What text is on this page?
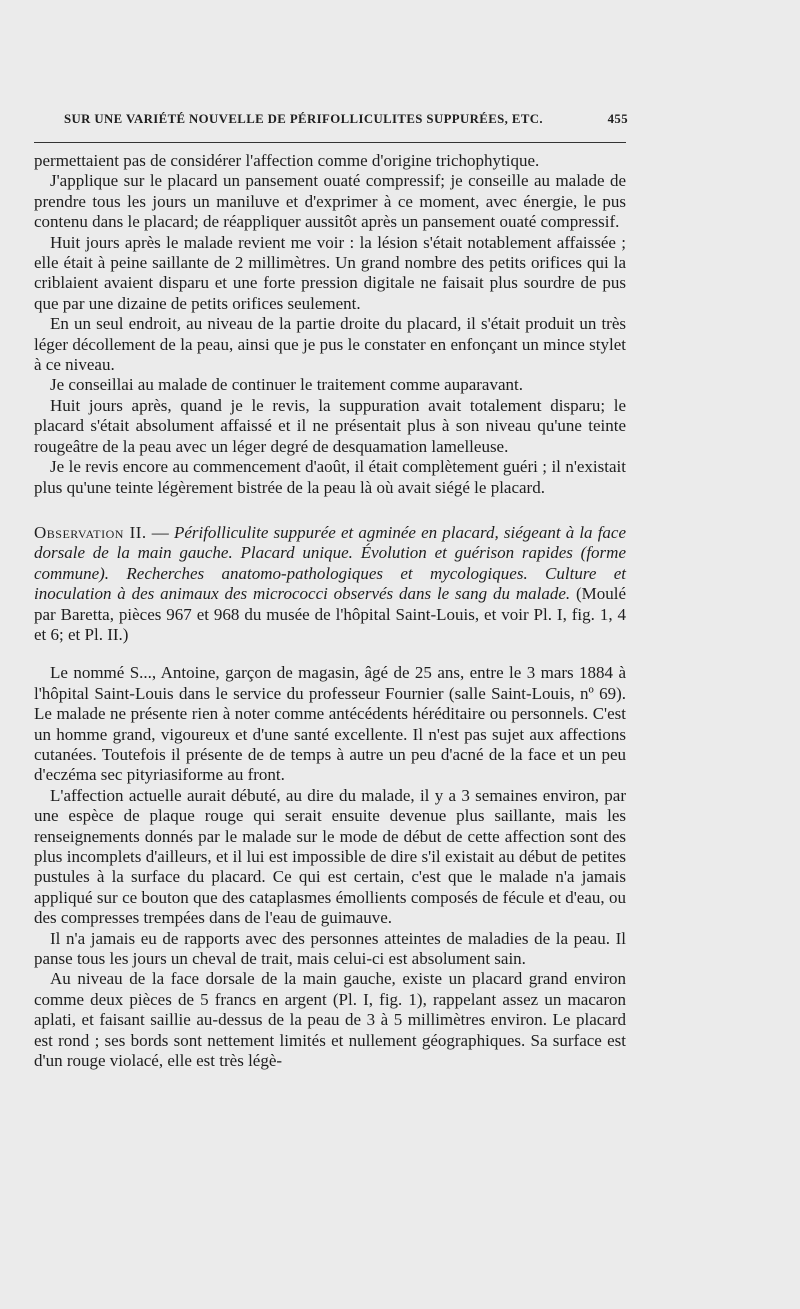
SUR UNE VARIÉTÉ NOUVELLE DE PÉRIFOLLICULITES SUPPURÉES, ETC.	455

permettaient pas de considérer l'affection comme d'origine trichophytique.

J'applique sur le placard un pansement ouaté compressif; je conseille au malade de prendre tous les jours un maniluve et d'exprimer à ce moment, avec énergie, le pus contenu dans le placard; de réappliquer aussitôt après un pansement ouaté compressif.

Huit jours après le malade revient me voir : la lésion s'était notablement affaissée ; elle était à peine saillante de 2 millimètres. Un grand nombre des petits orifices qui la criblaient avaient disparu et une forte pression digitale ne faisait plus sourdre de pus que par une dizaine de petits orifices seulement.

En un seul endroit, au niveau de la partie droite du placard, il s'était produit un très léger décollement de la peau, ainsi que je pus le constater en enfonçant un mince stylet à ce niveau.

Je conseillai au malade de continuer le traitement comme auparavant.

Huit jours après, quand je le revis, la suppuration avait totalement disparu; le placard s'était absolument affaissé et il ne présentait plus à son niveau qu'une teinte rougeâtre de la peau avec un léger degré de desquamation lamelleuse.

Je le revis encore au commencement d'août, il était complètement guéri ; il n'existait plus qu'une teinte légèrement bistrée de la peau là où avait siégé le placard.

Observation II. — Périfolliculite suppurée et agminée en placard, siégeant à la face dorsale de la main gauche. Placard unique. Évolution et guérison rapides (forme commune). Recherches anatomo-pathologiques et mycologiques. Culture et inoculation à des animaux des micrococci observés dans le sang du malade. (Moulé par Baretta, pièces 967 et 968 du musée de l'hôpital Saint-Louis, et voir Pl. I, fig. 1, 4 et 6; et Pl. II.)

Le nommé S..., Antoine, garçon de magasin, âgé de 25 ans, entre le 3 mars 1884 à l'hôpital Saint-Louis dans le service du professeur Fournier (salle Saint-Louis, nº 69). Le malade ne présente rien à noter comme antécédents héréditaire ou personnels. C'est un homme grand, vigoureux et d'une santé excellente. Il n'est pas sujet aux affections cutanées. Toutefois il présente de de temps à autre un peu d'acné de la face et un peu d'eczéma sec pityriasiforme au front.

L'affection actuelle aurait débuté, au dire du malade, il y a 3 semaines environ, par une espèce de plaque rouge qui serait ensuite devenue plus saillante, mais les renseignements donnés par le malade sur le mode de début de cette affection sont des plus incomplets d'ailleurs, et il lui est impossible de dire s'il existait au début de petites pustules à la surface du placard. Ce qui est certain, c'est que le malade n'a jamais appliqué sur ce bouton que des cataplasmes émollients composés de fécule et d'eau, ou des compresses trempées dans de l'eau de guimauve.

Il n'a jamais eu de rapports avec des personnes atteintes de maladies de la peau. Il panse tous les jours un cheval de trait, mais celui-ci est absolument sain.

Au niveau de la face dorsale de la main gauche, existe un placard grand environ comme deux pièces de 5 francs en argent (Pl. I, fig. 1), rappelant assez un macaron aplati, et faisant saillie au-dessus de la peau de 3 à 5 millimètres environ. Le placard est rond ; ses bords sont nettement limités et nullement géographiques. Sa surface est d'un rouge violacé, elle est très légè-
